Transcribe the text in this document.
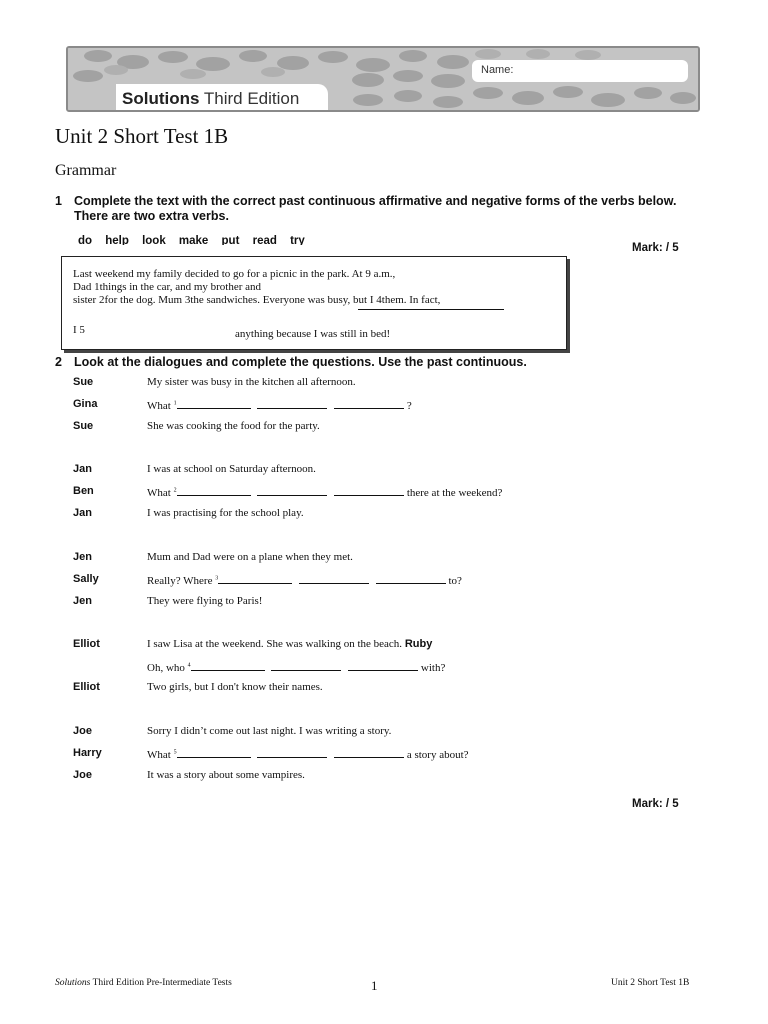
Solutions Third Edition
Name:
Unit 2 Short Test 1B
Grammar
1 Complete the text with the correct past continuous affirmative and negative forms of the verbs below.
There are two extra verbs.
do help look make put read try
Mark: / 5
Last weekend my family decided to go for a picnic in the park. At 9 a.m.,
Dad 1things in the car, and my brother and
sister 2for the dog. Mum 3the sandwiches. Everyone was busy, but I 4them. In fact,
I 5	anything because I was still in bed!
2 Look at the dialogues and complete the questions. Use the past continuous.
Sue	My sister was busy in the kitchen all afternoon.
Gina	What $^1$	?
Sue	She was cooking the food for the party.
Jan	I was at school on Saturday afternoon.
Ben	What $^2$	there at the weekend?
Jan	I was practising for the school play.
Jen	Mum and Dad were on a plane when they met.
Sally	Really? Where $^3$	to?
Jen	They were flying to Paris!
Elliot	I saw Lisa at the weekend. She was walking on the beach. Ruby
Oh, who $^4$	with?
Elliot	Two girls, but I don't know their names.
Joe	Sorry I didn’t come out last night. I was writing a story.
Harry	What $^5$	a story about?
Joe	It was a story about some vampires.
Mark: / 5
Solutions Third Edition Pre-Intermediate Tests	1	Unit 2 Short Test 1B
